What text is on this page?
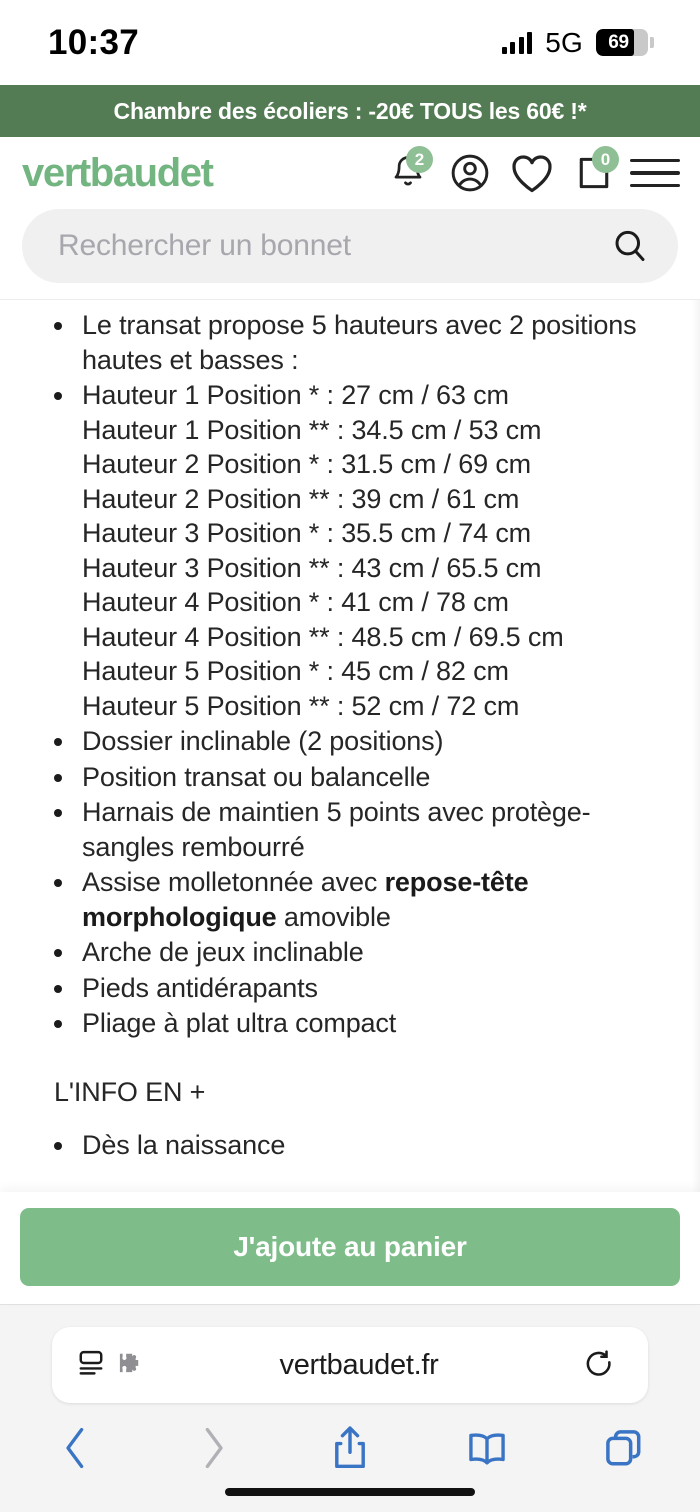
10:37	5G	69
Chambre des écoliers : -20€ TOUS les 60€ !*
vertbaudet	2	0
Rechercher un bonnet
Le transat propose 5 hauteurs avec 2 positions hautes et basses :
Hauteur 1 Position * : 27 cm / 63 cm
Hauteur 1 Position ** : 34.5 cm / 53 cm
Hauteur 2 Position * : 31.5 cm / 69 cm
Hauteur 2 Position ** : 39 cm / 61 cm
Hauteur 3 Position * : 35.5 cm / 74 cm
Hauteur 3 Position ** : 43 cm / 65.5 cm
Hauteur 4 Position * : 41 cm / 78 cm
Hauteur 4 Position ** : 48.5 cm / 69.5 cm
Hauteur 5 Position * : 45 cm / 82 cm
Hauteur 5 Position ** : 52 cm / 72 cm
Dossier inclinable (2 positions)
Position transat ou balancelle
Harnais de maintien 5 points avec protège-sangles rembourré
Assise molletonnée avec repose-tête morphologique amovible
Arche de jeux inclinable
Pieds antidérapants
Pliage à plat ultra compact
L'INFO EN +
Dès la naissance
J'ajoute au panier
vertbaudet.fr
